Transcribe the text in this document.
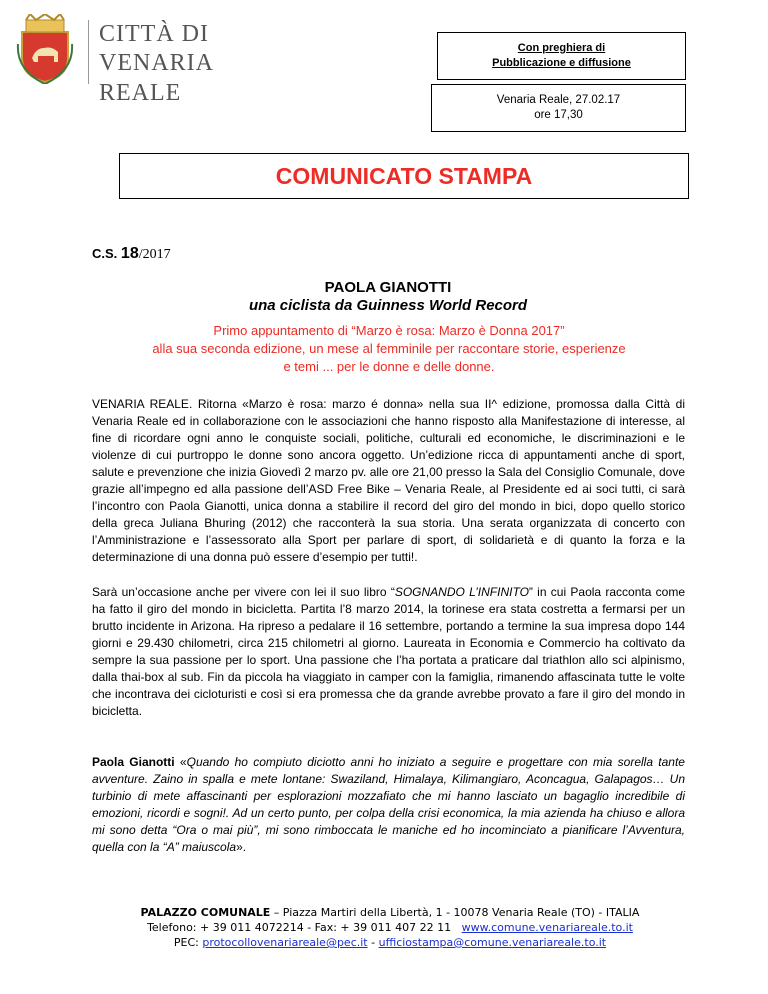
CITTÀ DI
VENARIA REALE
Con preghiera di
Pubblicazione e diffusione
Venaria Reale, 27.02.17
ore 17,30
COMUNICATO STAMPA
C.S. 18/2017
PAOLA GIANOTTI
una ciclista da Guinness World Record
Primo appuntamento di “Marzo è rosa: Marzo è Donna 2017”
alla sua seconda edizione, un mese al femminile per raccontare storie, esperienze
e temi ... per le donne e delle donne.
VENARIA REALE. Ritorna «Marzo è rosa: marzo é donna» nella sua II^ edizione, promossa dalla Città di Venaria Reale ed in collaborazione con le associazioni che hanno risposto alla Manifestazione di interesse, al fine di ricordare ogni anno le conquiste sociali, politiche, culturali ed economiche, le discriminazioni e le violenze di cui purtroppo le donne sono ancora oggetto. Un’edizione ricca di appuntamenti anche di sport, salute e prevenzione che inizia Giovedì 2 marzo pv. alle ore 21,00 presso la Sala del Consiglio Comunale, dove grazie all’impegno ed alla passione dell’ASD Free Bike – Venaria Reale, al Presidente ed ai soci tutti, ci sarà l’incontro con Paola Gianotti, unica donna a stabilire il record del giro del mondo in bici, dopo quello storico della greca Juliana Bhuring (2012) che racconterà la sua storia. Una serata organizzata di concerto con l’Amministrazione e l’assessorato alla Sport per parlare di sport, di solidarietà e di quanto la forza e la determinazione di una donna può essere d’esempio per tutti!.
Sarà un’occasione anche per vivere con lei il suo libro “SOGNANDO L’INFINITO” in cui Paola racconta come ha fatto il giro del mondo in bicicletta. Partita l’8 marzo 2014, la torinese era stata costretta a fermarsi per un brutto incidente in Arizona. Ha ripreso a pedalare il 16 settembre, portando a termine la sua impresa dopo 144 giorni e 29.430 chilometri, circa 215 chilometri al giorno. Laureata in Economia e Commercio ha coltivato da sempre la sua passione per lo sport. Una passione che l’ha portata a praticare dal triathlon allo sci alpinismo, dalla thai-box al sub. Fin da piccola ha viaggiato in camper con la famiglia, rimanendo affascinata tutte le volte che incontrava dei cicloturisti e così si era promessa che da grande avrebbe provato a fare il giro del mondo in bicicletta.
Paola Gianotti «Quando ho compiuto diciotto anni ho iniziato a seguire e progettare con mia sorella tante avventure. Zaino in spalla e mete lontane: Swaziland, Himalaya, Kilimangiaro, Aconcagua, Galapagos… Un turbinio di mete affascinanti per esplorazioni mozzafiato che mi hanno lasciato un bagaglio incredibile di emozioni, ricordi e sogni!. Ad un certo punto, per colpa della crisi economica, la mia azienda ha chiuso e allora mi sono detta “Ora o mai più”, mi sono rimboccata le maniche ed ho incominciato a pianificare l’Avventura, quella con la “A” maiuscola».
PALAZZO COMUNALE – Piazza Martiri della Libertà, 1 - 10078 Venaria Reale (TO) - ITALIA
Telefono: + 39 011 4072214 - Fax: + 39 011 407 22 11 www.comune.venariareale.to.it
PEC: protocollovenariareale@pec.it - ufficiostampa@comune.venariareale.to.it
